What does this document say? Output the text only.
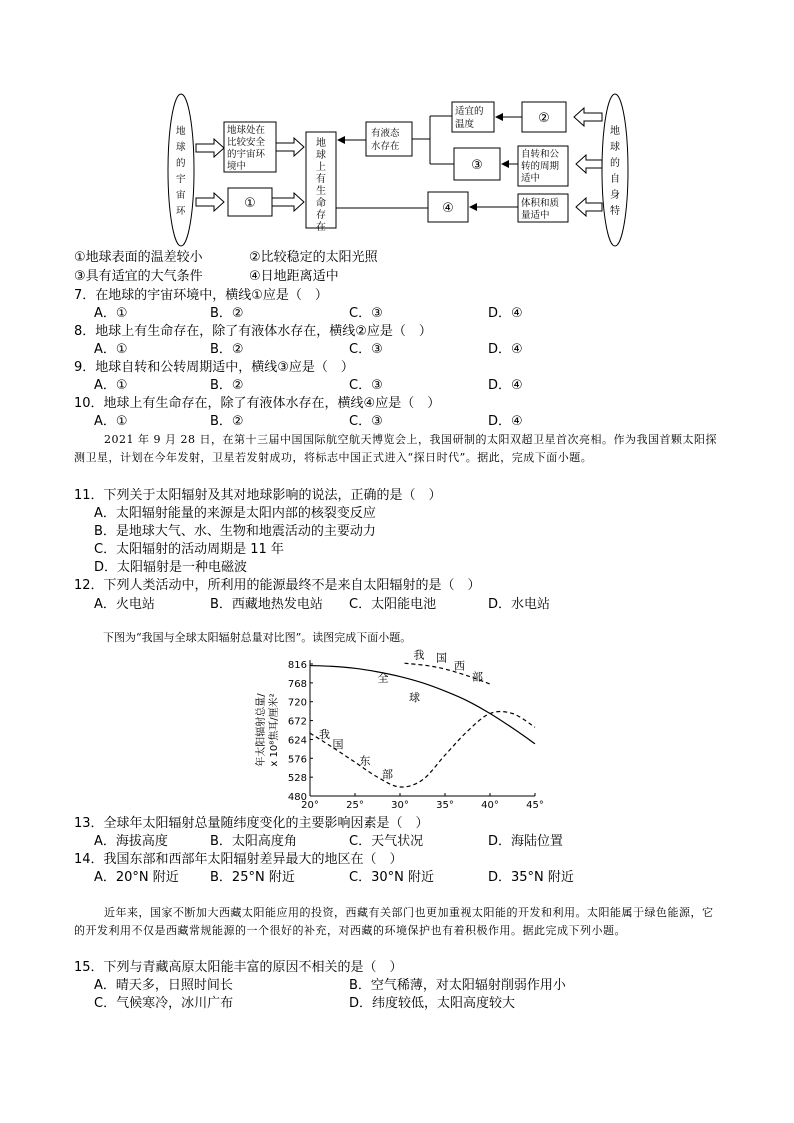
地球的 宇宙环
地球的 自身特
地球处在比较安全 的宇宙环境中
①
地球上 有生命 存在
有液态水存在
适宜的温度	②
③
自转和公转的周期适中
④	体积和质量适中
①地球表面的温差较小	②比较稳定的太阳光照
③具有适宜的大气条件	④日地距离适中
7．在地球的宇宙环境中，横线①应是（　）
A．①	B．②	C．③	D．④
8．地球上有生命存在，除了有液体水存在，横线②应是（　）
A．①	B．②	C．③	D．④
9．地球自转和公转周期适中，横线③应是（　）
A．①	B．②	C．③	D．④
10．地球上有生命存在，除了有液体水存在，横线④应是（　）
A．①	B．②	C．③	D．④
2021 年 9 月 28 日，在第十三届中国国际航空航天博览会上，我国研制的太阳双超卫星首次亮相。作为我国首颗太阳探测卫星，计划在今年发射，卫星若发射成功，将标志中国正式进入“探日时代”。据此，完成下面小题。
11．下列关于太阳辐射及其对地球影响的说法，正确的是（　）
A．太阳辐射能量的来源是太阳内部的核裂变反应
B．是地球大气、水、生物和地震活动的主要动力
C．太阳辐射的活动周期是 11 年
D．太阳辐射是一种电磁波
12．下列人类活动中，所利用的能源最终不是来自太阳辐射的是（　）
A．火电站	B．西藏地热发电站 C．太阳能电池	D．水电站
下图为“我国与全球太阳辐射总量对比图”。读图完成下面小题。
816
768
720
672
624
576
528
480
20°	25°	30°	35°	40°	45°
年太阳辐射总量/ x 10⁸焦耳/厘米²
全
球
我
国
东
部
我 国
西
部
13．全球年太阳辐射总量随纬度变化的主要影响因素是（　）
A．海拔高度	B．太阳高度角	C．天气状况	D．海陆位置
14．我国东部和西部年太阳辐射差异最大的地区在（　）
A．20°N 附近 B．25°N 附近	C．30°N 附近	D．35°N 附近
近年来，国家不断加大西藏太阳能应用的投资，西藏有关部门也更加重视太阳能的开发和利用。太阳能属于绿色能源，它的开发利用不仅是西藏常规能源的一个很好的补充，对西藏的环境保护也有着积极作用。据此完成下列小题。
15．下列与青藏高原太阳能丰富的原因不相关的是（　）
A．晴天多，日照时间长	B．空气稀薄，对太阳辐射削弱作用小
C．气候寒冷，冰川广布	D．纬度较低，太阳高度较大
